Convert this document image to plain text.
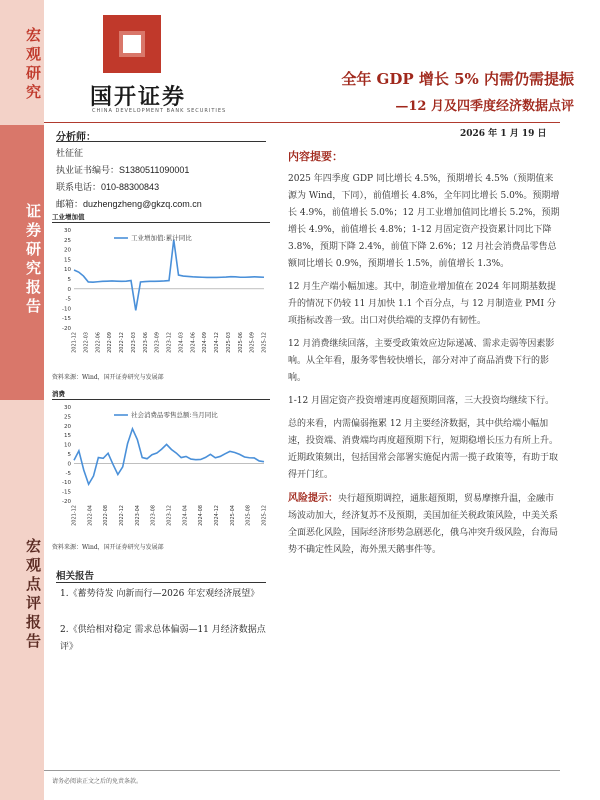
宏观研究
证券研究报告
宏观点评报告
国开证券
CHINA DEVELOPMENT BANK SECURITIES
全年 GDP 增长 5% 内需仍需提振
—12 月及四季度经济数据点评
2026 年 1 月 19 日
分析师：
杜征征
执业证书编号：S1380511090001
联系电话：010-88300843
邮箱：duzhengzheng@gkzq.com.cn
工业增加值
30
25
20
15
10
5
0
-5
-10
-15
-20
2021-12 2022-03 2022-06 2022-09 2022-12 2023-03 2023-06 2023-09 2023-12 2024-03 2024-06 2024-09 2024-12 2025-03 2025-06 2025-09 2025-12
工业增加值:累计同比
资料来源：Wind，国开证券研究与发展部
消费
30
25
20
15
10
5
0
-5
-10
-15
-20
2021-12 2022-04 2022-08 2022-12 2023-04 2023-08 2023-12 2024-04 2024-08 2024-12 2025-04 2025-08 2025-12
社会消费品零售总额:当月同比
资料来源：Wind，国开证券研究与发展部
相关报告
1.《蓄势待发 向新而行—2026 年宏观经济展望》
2.《供给相对稳定 需求总体偏弱—11 月经济数据点评》
内容提要：

2025 年四季度 GDP 同比增长 4.5%，预期增长 4.5%（预期值来源为 Wind，下同），前值增长 4.8%，全年同比增长 5.0%。预期增长 4.9%，前值增长 5.0%；12 月工业增加值同比增长 5.2%，预期增长 4.9%，前值增长 4.8%；1-12 月固定资产投资累计同比下降 3.8%，预期下降 2.4%，前值下降 2.6%；12 月社会消费品零售总额同比增长 0.9%，预期增长 1.5%，前值增长 1.3%。

12 月生产端小幅加速。其中，制造业增加值在 2024 年同期基数提升的情况下仍较 11 月加快 1.1 个百分点，与 12 月制造业 PMI 分项指标改善一致。出口对供给端的支撑仍有韧性。

12 月消费继续回落，主要受政策效应边际递减、需求走弱等因素影响。从全年看，服务零售较快增长，部分对冲了商品消费下行的影响。

1-12 月固定资产投资增速再度超预期回落，三大投资均继续下行。

总的来看，内需偏弱拖累 12 月主要经济数据，其中供给端小幅加速，投资端、消费端均再度超预期下行，短期稳增长压力有所上升。近期政策频出，包括国常会部署实施促内需一揽子政策等，有助于取得开门红。

风险提示：央行超预期调控，通胀超预期，贸易摩擦升温，金融市场波动加大，经济复苏不及预期，美国加征关税政策风险，中美关系全面恶化风险，国际经济形势急剧恶化，俄乌冲突升级风险，台海局势不确定性风险，海外黑天鹅事件等。

请务必阅读正文之后的免责条款。
